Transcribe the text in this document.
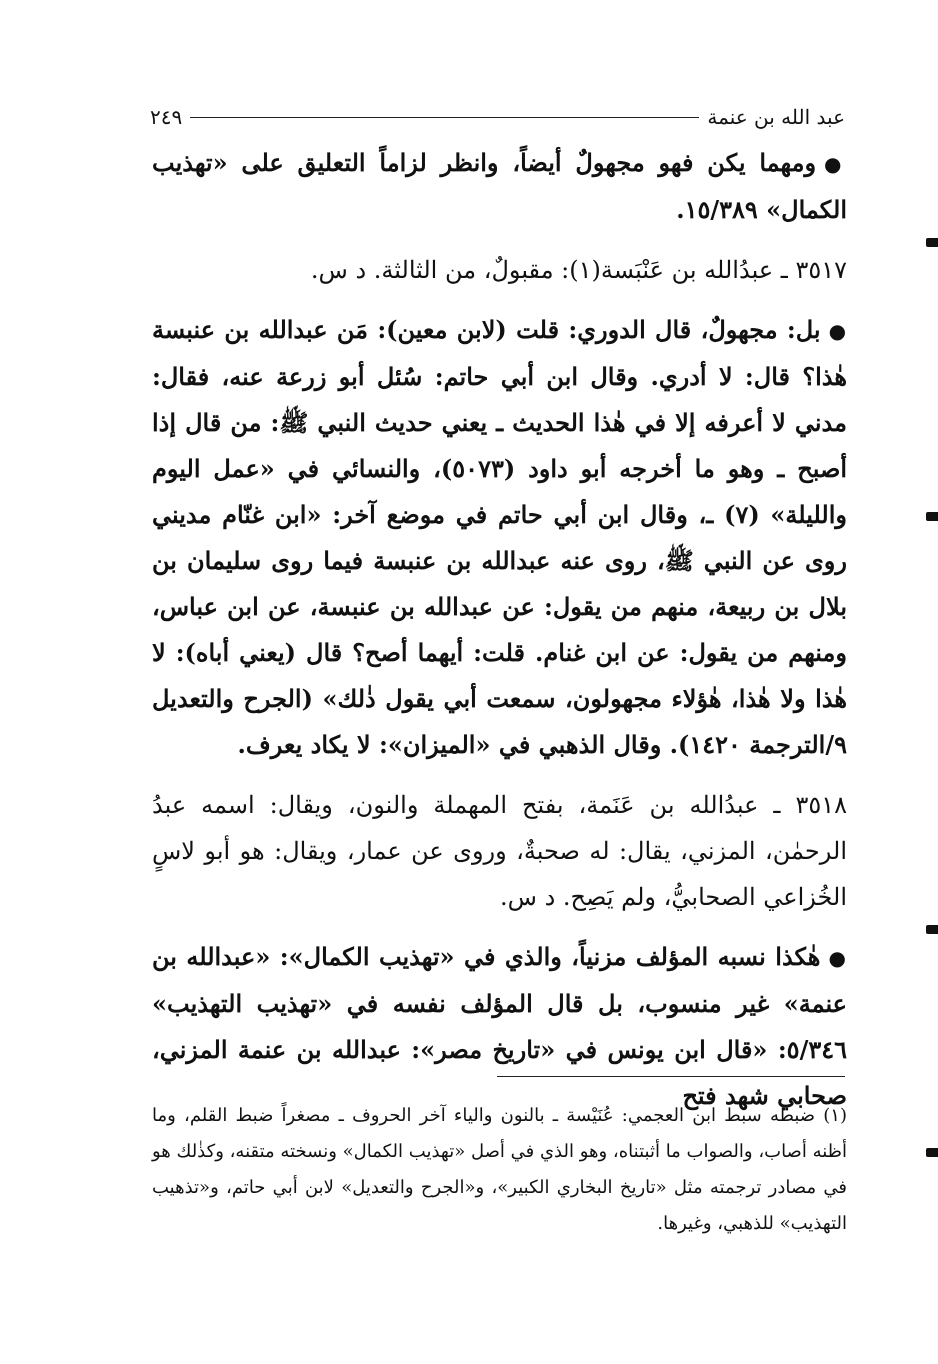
عبد الله بن عنمة
٢٤٩

●ومهما يكن فهو مجهولٌ أيضاً، وانظر لزاماً التعليق على «تهذيب الكمال» ١٥/٣٨٩.

٣٥١٧ ـ عبدُالله بن عَنْبَسة(١): مقبولٌ، من الثالثة. د س.

●بل: مجهولٌ، قال الدوري: قلت (لابن معين): مَن عبدالله بن عنبسة هٰذا؟ قال: لا أدري. وقال ابن أبي حاتم: سُئل أبو زرعة عنه، فقال: مدني لا أعرفه إلا في هٰذا الحديث ـ يعني حديث النبي ﷺ: من قال إذا أصبح ـ وهو ما أخرجه أبو داود (٥٠٧٣)، والنسائي في «عمل اليوم والليلة» (٧) ـ، وقال ابن أبي حاتم في موضع آخر: «ابن غنّام مديني روى عن النبي ﷺ، روى عنه عبدالله بن عنبسة فيما روى سليمان بن بلال بن ربيعة، منهم من يقول: عن عبدالله بن عنبسة، عن ابن عباس، ومنهم من يقول: عن ابن غنام. قلت: أيهما أصح؟ قال (يعني أباه): لا هٰذا ولا هٰذا، هٰؤلاء مجهولون، سمعت أبي يقول ذٰلك» (الجرح والتعديل ٩/الترجمة ١٤٢٠). وقال الذهبي في «الميزان»: لا يكاد يعرف.

٣٥١٨ ـ عبدُالله بن عَنَمة، بفتح المهملة والنون، ويقال: اسمه عبدُ الرحمٰن، المزني، يقال: له صحبةٌ، وروى عن عمار، ويقال: هو أبو لاسٍ الخُزاعي الصحابيُّ، ولم يَصِح. د س.

●هٰكذا نسبه المؤلف مزنياً، والذي في «تهذيب الكمال»: «عبدالله بن عنمة» غير منسوب، بل قال المؤلف نفسه في «تهذيب التهذيب» ٥/٣٤٦: «قال ابن يونس في «تاريخ مصر»: عبدالله بن عنمة المزني، صحابي شهد فتح

(١) ضبطه سبط ابن العجمي: عُنَيْسة ـ بالنون والياء آخر الحروف ـ مصغراً ضبط القلم، وما أظنه أصاب، والصواب ما أثبتناه، وهو الذي في أصل «تهذيب الكمال» ونسخته متقنه، وكذٰلك هو في مصادر ترجمته مثل «تاريخ البخاري الكبير»، و«الجرح والتعديل» لابن أبي حاتم، و«تذهيب التهذيب» للذهبي، وغيرها.
